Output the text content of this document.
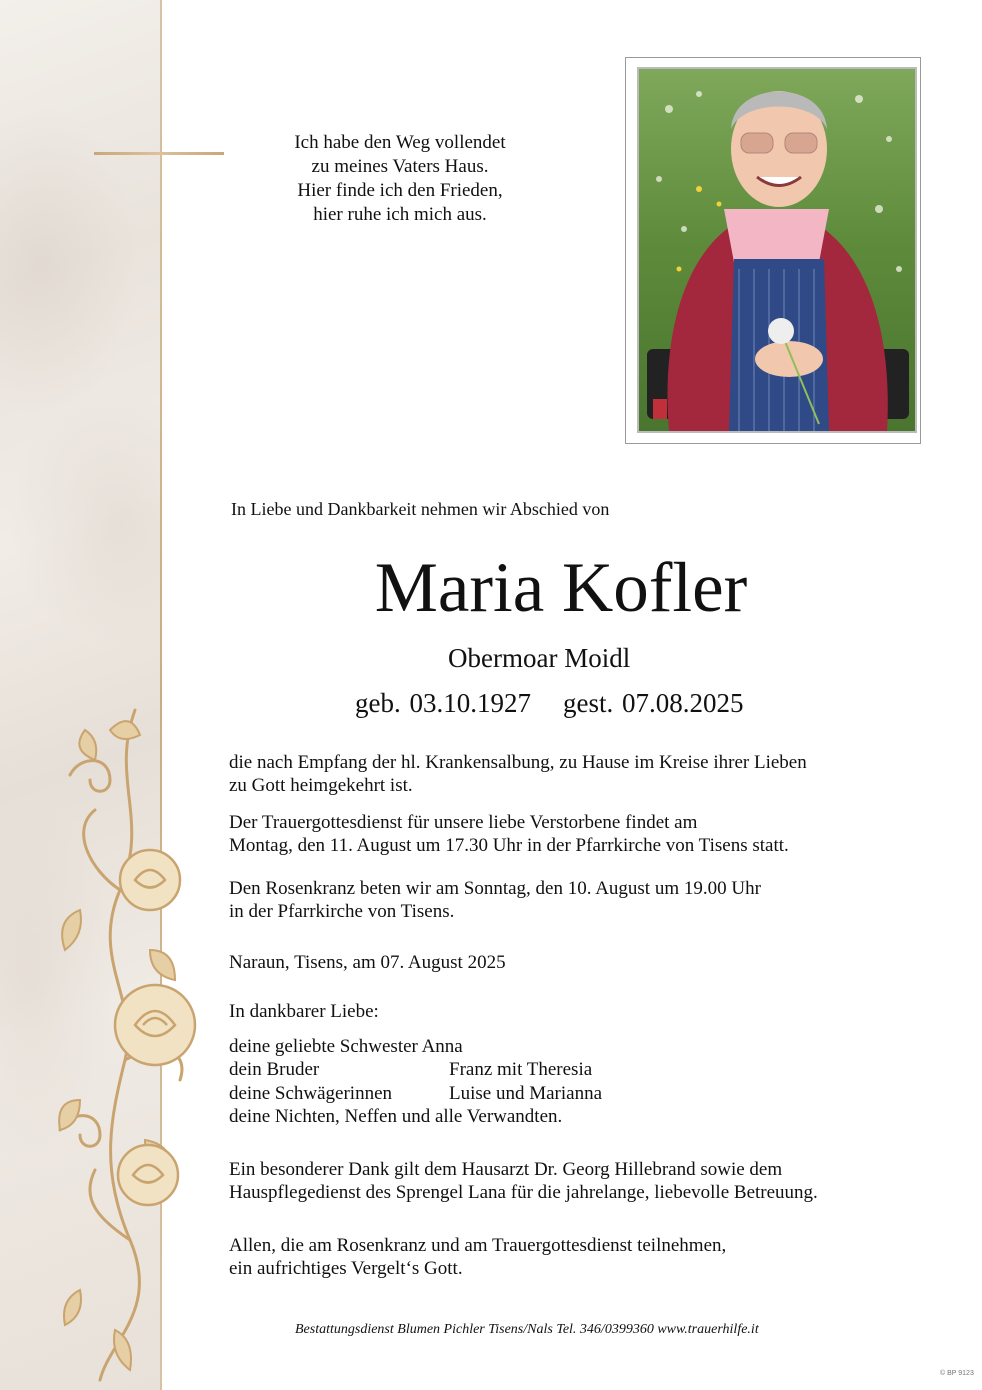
Ich habe den Weg vollendet
zu meines Vaters Haus.
Hier finde ich den Frieden,
hier ruhe ich mich aus.
In Liebe und Dankbarkeit nehmen wir Abschied von
Maria Kofler
Obermoar Moidl
geb. 03.10.1927 gest. 07.08.2025
die nach Empfang der hl. Krankensalbung, zu Hause im Kreise ihrer Lieben
zu Gott heimgekehrt ist.
Der Trauergottesdienst für unsere liebe Verstorbene findet am
Montag, den 11. August um 17.30 Uhr in der Pfarrkirche von Tisens statt.
Den Rosenkranz beten wir am Sonntag, den 10. August um 19.00 Uhr
in der Pfarrkirche von Tisens.
Naraun, Tisens, am 07. August 2025
In dankbarer Liebe:
deine geliebte Schwester Anna
dein Bruder	Franz mit Theresia
deine Schwägerinnen	Luise und Marianna
deine Nichten, Neffen und alle Verwandten.
Ein besonderer Dank gilt dem Hausarzt Dr. Georg Hillebrand sowie dem
Hauspflegedienst des Sprengel Lana für die jahrelange, liebevolle Betreuung.
Allen, die am Rosenkranz und am Trauergottesdienst teilnehmen,
ein aufrichtiges Vergelt‘s Gott.
Bestattungsdienst Blumen Pichler Tisens/Nals Tel. 346/0399360 www.trauerhilfe.it
© BP 9123
